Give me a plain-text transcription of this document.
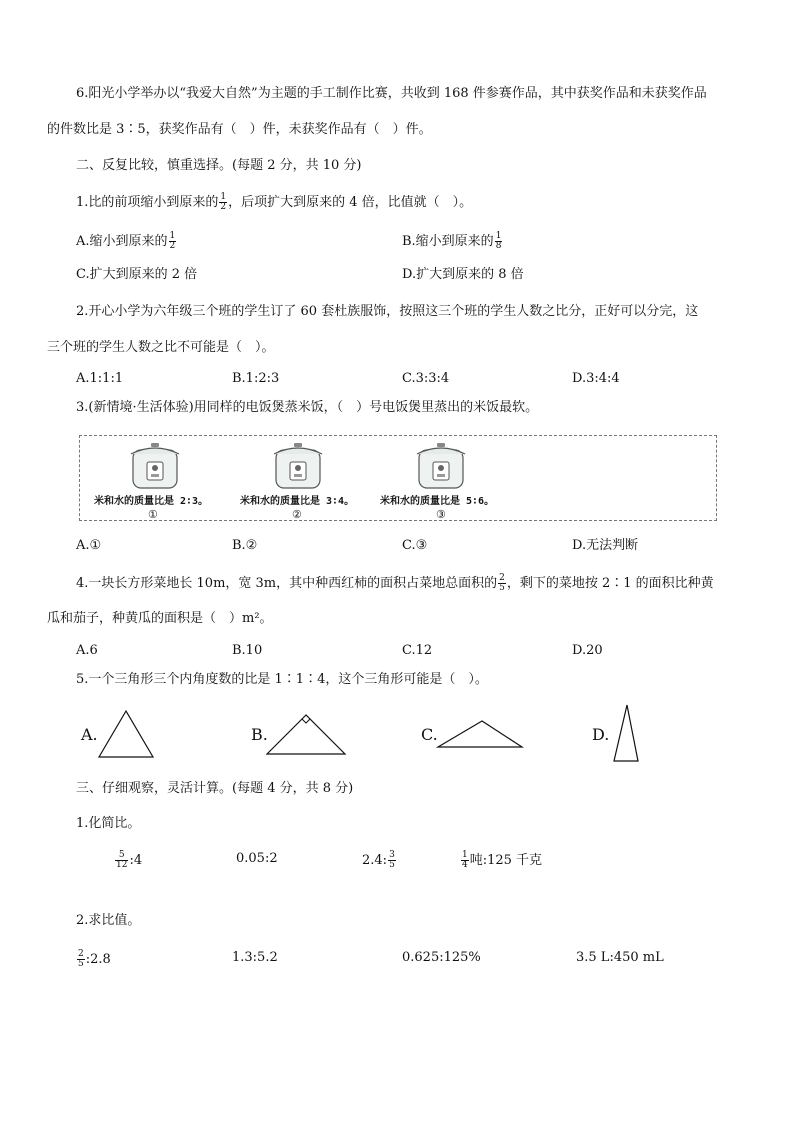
6.阳光小学举办以“我爱大自然”为主题的手工制作比赛，共收到 168 件参赛作品，其中获奖作品和未获奖作品
的件数比是 3∶5，获奖作品有（　）件，未获奖作品有（　）件。
二、反复比较，慎重选择。(每题 2 分，共 10 分)
1.比的前项缩小到原来的 $\frac{1}{2}$ ，后项扩大到原来的 4 倍，比值就（　）。
A.缩小到原来的 $\frac{1}{2}$	B.缩小到原来的 $\frac{1}{8}$
C.扩大到原来的 2 倍	D.扩大到原来的 8 倍
2.开心小学为六年级三个班的学生订了 60 套杜族服饰，按照这三个班的学生人数之比分，正好可以分完，这
三个班的学生人数之比不可能是（　）。
A.1:1:1	B.1:2:3	C.3:3:4	D.3:4:4
3.(新情境·生活体验)用同样的电饭煲蒸米饭，（　）号电饭煲里蒸出的米饭最软。
米和水的质量比是 2∶3。
①
米和水的质量比是 3∶4。
②
米和水的质量比是 5∶6。
③
A.①	B.②	C.③	D.无法判断
4.一块长方形菜地长 10m，宽 3m，其中种西红柿的面积占菜地总面积的 $\frac{2}{5}$ ，剩下的菜地按 2∶1 的面积比种黄
瓜和茄子，种黄瓜的面积是（　）m²。
A.6	B.10	C.12	D.20
5.一个三角形三个内角度数的比是 1∶1∶4，这个三角形可能是（　）。
A.	B.	C.	D.
三、仔细观察，灵活计算。(每题 4 分，共 8 分)
1.化简比。
$\frac{5}{12}$ :4	0.05:2	2.4: $\frac{3}{5}$	$\frac{1}{4}$ 吨:125 千克
2.求比值。
$\frac{2}{5}$ :2.8	1.3:5.2	0.625:125%	3.5 L:450 mL
